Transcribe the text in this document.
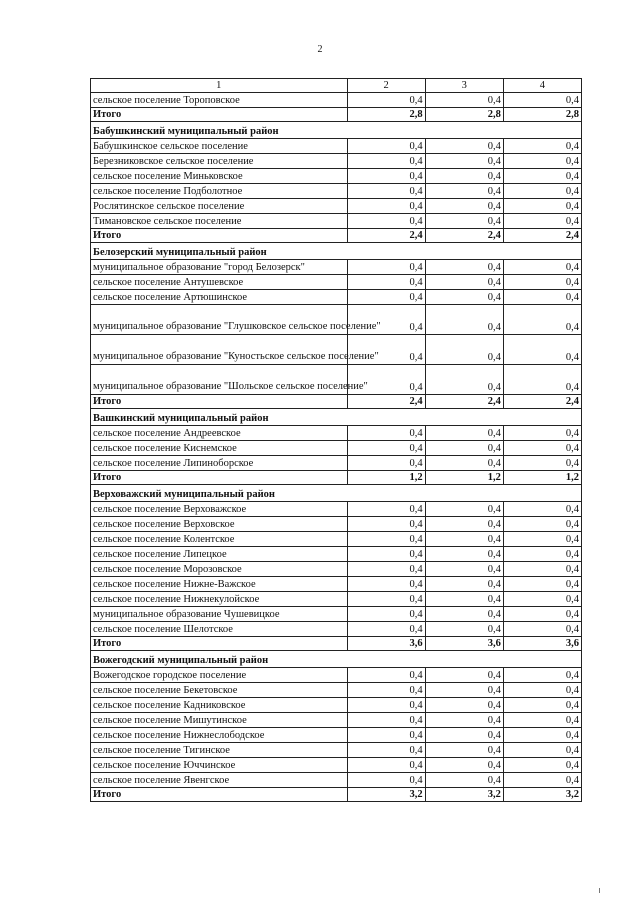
2
1	2	3	4
сельское поселение Тороповское	0,4	0,4	0,4
Итого	2,8	2,8	2,8
Бабушкинский муниципальный район			
Бабушкинское сельское поселение	0,4	0,4	0,4
Березниковское сельское поселение	0,4	0,4	0,4
сельское поселение Миньковское	0,4	0,4	0,4
сельское поселение Подболотное	0,4	0,4	0,4
Рослятинское сельское поселение	0,4	0,4	0,4
Тимановское сельское поселение	0,4	0,4	0,4
Итого	2,4	2,4	2,4
Белозерский муниципальный район			
муниципальное образование "город Белозерск"	0,4	0,4	0,4
сельское поселение Антушевское	0,4	0,4	0,4
сельское поселение Артюшинское	0,4	0,4	0,4
муниципальное образование "Глушковское сельское поселение"	0,4	0,4	0,4
муниципальное образование "Куностьское сельское поселение"	0,4	0,4	0,4
муниципальное образование "Шольское сельское поселение"	0,4	0,4	0,4
Итого	2,4	2,4	2,4
Вашкинский муниципальный район			
сельское поселение Андреевское	0,4	0,4	0,4
сельское поселение Киснемское	0,4	0,4	0,4
сельское поселение Липиноборское	0,4	0,4	0,4
Итого	1,2	1,2	1,2
Верховажский муниципальный район			
сельское поселение Верховажское	0,4	0,4	0,4
сельское поселение Верховское	0,4	0,4	0,4
сельское поселение Колентское	0,4	0,4	0,4
сельское поселение Липецкое	0,4	0,4	0,4
сельское поселение Морозовское	0,4	0,4	0,4
сельское поселение Нижне-Важское	0,4	0,4	0,4
сельское поселение Нижнекулойское	0,4	0,4	0,4
муниципальное образование Чушевицкое	0,4	0,4	0,4
сельское поселение Шелотское	0,4	0,4	0,4
Итого	3,6	3,6	3,6
Вожегодский муниципальный район			
Вожегодское городское поселение	0,4	0,4	0,4
сельское поселение Бекетовское	0,4	0,4	0,4
сельское поселение Кадниковское	0,4	0,4	0,4
сельское поселение Мишутинское	0,4	0,4	0,4
сельское поселение Нижнеслободское	0,4	0,4	0,4
сельское поселение Тигинское	0,4	0,4	0,4
сельское поселение Юччинское	0,4	0,4	0,4
сельское поселение Явенгское	0,4	0,4	0,4
Итого	3,2	3,2	3,2
